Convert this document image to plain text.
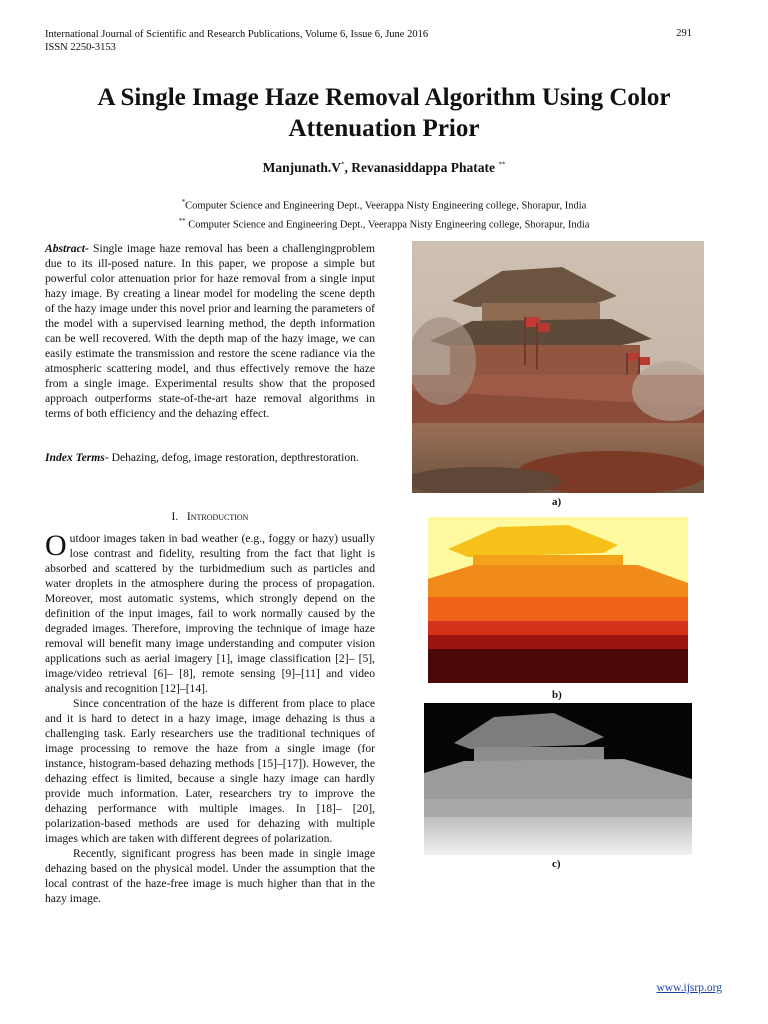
International Journal of Scientific and Research Publications, Volume 6, Issue 6, June 2016
ISSN 2250-3153
291
A Single Image Haze Removal Algorithm Using Color Attenuation Prior
Manjunath.V*, Revanasiddappa Phatate **
*Computer Science and Engineering Dept., Veerappa Nisty Engineering college, Shorapur, India
** Computer Science and Engineering Dept., Veerappa Nisty Engineering college, Shorapur, India
Abstract- Single image haze removal has been a challengingproblem due to its ill-posed nature. In this paper, we propose a simple but powerful color attenuation prior for haze removal from a single input hazy image. By creating a linear model for modeling the scene depth of the hazy image under this novel prior and learning the parameters of the model with a supervised learning method, the depth information can be well recovered. With the depth map of the hazy image, we can easily estimate the transmission and restore the scene radiance via the atmospheric scattering model, and thus effectively remove the haze from a single image. Experimental results show that the proposed approach outperforms state-of-the-art haze removal algorithms in terms of both efficiency and the dehazing effect.
Index Terms- Dehazing, defog, image restoration, depthrestoration.
I. Introduction

Outdoor images taken in bad weather (e.g., foggy or hazy) usually lose contrast and fidelity, resulting from the fact that light is absorbed and scattered by the turbidmedium such as particles and water droplets in the atmosphere during the process of propagation. Moreover, most automatic systems, which strongly depend on the definition of the input images, fail to work normally caused by the degraded images. Therefore, improving the technique of image haze removal will benefit many image understanding and computer vision applications such as aerial imagery [1], image classification [2]– [5], image/video retrieval [6]– [8], remote sensing [9]–[11] and video analysis and recognition [12]–[14].

Since concentration of the haze is different from place to place and it is hard to detect in a hazy image, image dehazing is thus a challenging task. Early researchers use the traditional techniques of image processing to remove the haze from a single image (for instance, histogram-based dehazing methods [15]–[17]). However, the dehazing effect is limited, because a single hazy image can hardly provide much information. Later, researchers try to improve the dehazing performance with multiple images. In [18]– [20], polarization-based methods are used for dehazing with multiple images which are taken with different degrees of polarization.

Recently, significant progress has been made in single image dehazing based on the physical model. Under the assumption that the local contrast of the haze-free image is much higher than that in the hazy image.

a)
b)
c)
www.ijsrp.org
